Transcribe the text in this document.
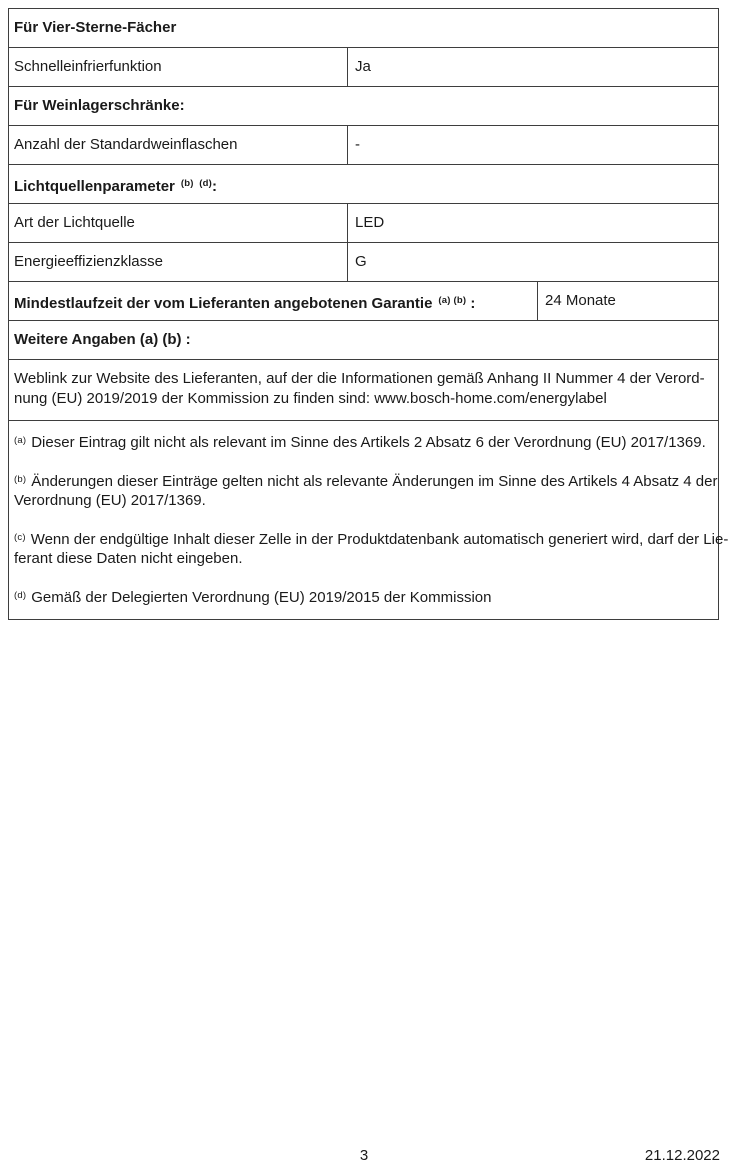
Für Vier-Sterne-Fächer
Schnelleinfrierfunktion	Ja
Für Weinlagerschränke:
Anzahl der Standardweinflaschen	-
Lichtquellenparameter $^{(b) (d)}$:
Art der Lichtquelle	LED
Energieeffizienzklasse	G
Mindestlaufzeit der vom Lieferanten angebotenen Garantie $^{(a) (b)}$ :	24 Monate
Weitere Angaben (a) (b) :
Weblink zur Website des Lieferanten, auf der die Informationen gemäß Anhang II Nummer 4 der Verord-
nung (EU) 2019/2019 der Kommission zu finden sind: www.bosch-home.com/energylabel
$^{(a)}$ Dieser Eintrag gilt nicht als relevant im Sinne des Artikels 2 Absatz 6 der Verordnung (EU) 2017/1369.
$^{(b)}$ Änderungen dieser Einträge gelten nicht als relevante Änderungen im Sinne des Artikels 4 Absatz 4 der
Verordnung (EU) 2017/1369.
$^{(c)}$ Wenn der endgültige Inhalt dieser Zelle in der Produktdatenbank automatisch generiert wird, darf der Lie-
ferant diese Daten nicht eingeben.
$^{(d)}$ Gemäß der Delegierten Verordnung (EU) 2019/2015 der Kommission
3	21.12.2022
